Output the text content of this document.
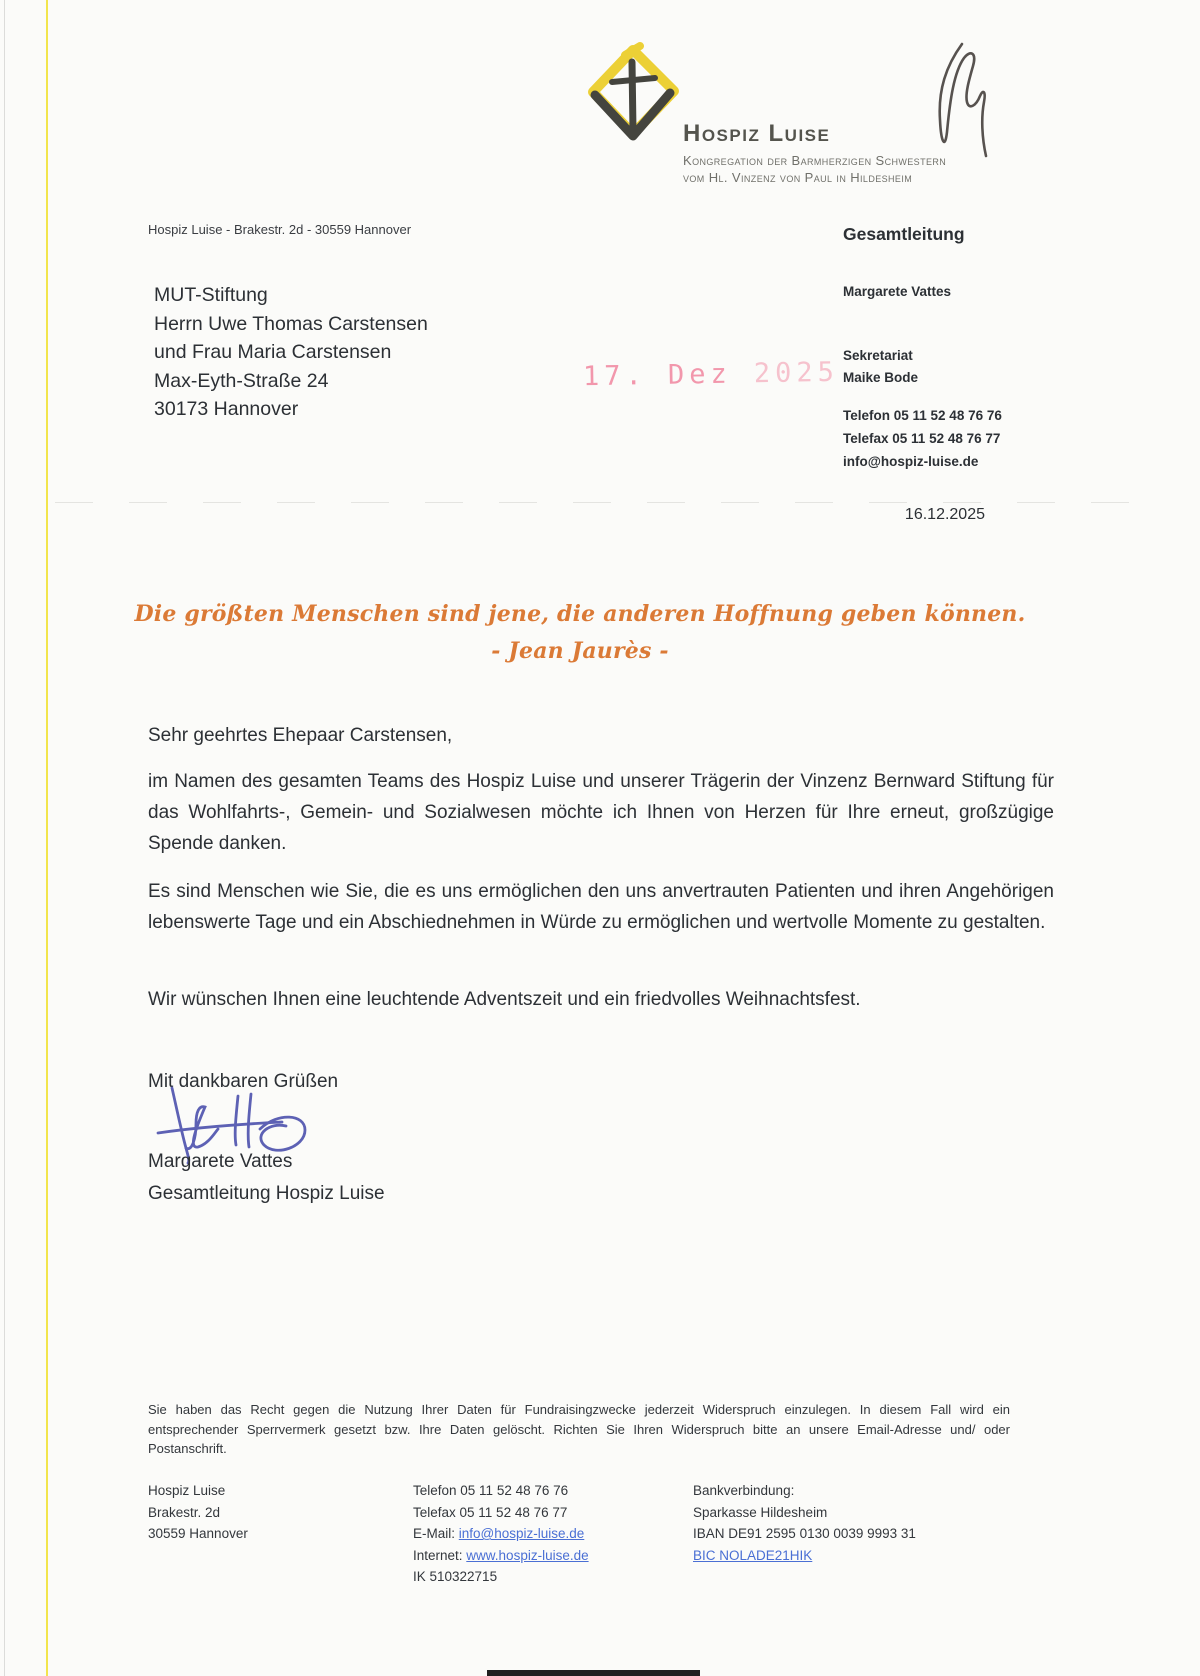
Hospiz Luise
Kongregation der Barmherzigen Schwestern
vom Hl. Vinzenz von Paul in Hildesheim
Hospiz Luise - Brakestr. 2d - 30559 Hannover
MUT-Stiftung
Herrn Uwe Thomas Carstensen
und Frau Maria Carstensen
Max-Eyth-Straße 24
30173 Hannover
17. Dez 2025
Gesamtleitung
Margarete Vattes
Sekretariat
Maike Bode
Telefon 05 11 52 48 76 76
Telefax 05 11 52 48 76 77
info@hospiz-luise.de
16.12.2025
Die größten Menschen sind jene, die anderen Hoffnung geben können.
- Jean Jaurès -
Sehr geehrtes Ehepaar Carstensen,
im Namen des gesamten Teams des Hospiz Luise und unserer Trägerin der Vinzenz Bernward Stiftung für das Wohlfahrts-, Gemein- und Sozialwesen möchte ich Ihnen von Herzen für Ihre erneut, großzügige Spende danken.
Es sind Menschen wie Sie, die es uns ermöglichen den uns anvertrauten Patienten und ihren Angehörigen lebenswerte Tage und ein Abschiednehmen in Würde zu ermöglichen und wertvolle Momente zu gestalten.
Wir wünschen Ihnen eine leuchtende Adventszeit und ein friedvolles Weihnachtsfest.
Mit dankbaren Grüßen
Margarete Vattes
Gesamtleitung Hospiz Luise
Sie haben das Recht gegen die Nutzung Ihrer Daten für Fundraisingzwecke jederzeit Widerspruch einzulegen. In diesem Fall wird ein entsprechender Sperrvermerk gesetzt bzw. Ihre Daten gelöscht. Richten Sie Ihren Widerspruch bitte an unsere Email-Adresse und/ oder Postanschrift.
Hospiz Luise
Brakestr. 2d
30559 Hannover
Telefon 05 11 52 48 76 76
Telefax 05 11 52 48 76 77
E-Mail: info@hospiz-luise.de
Internet: www.hospiz-luise.de
IK 510322715
Bankverbindung:
Sparkasse Hildesheim
IBAN DE91 2595 0130 0039 9993 31
BIC NOLADE21HIK
